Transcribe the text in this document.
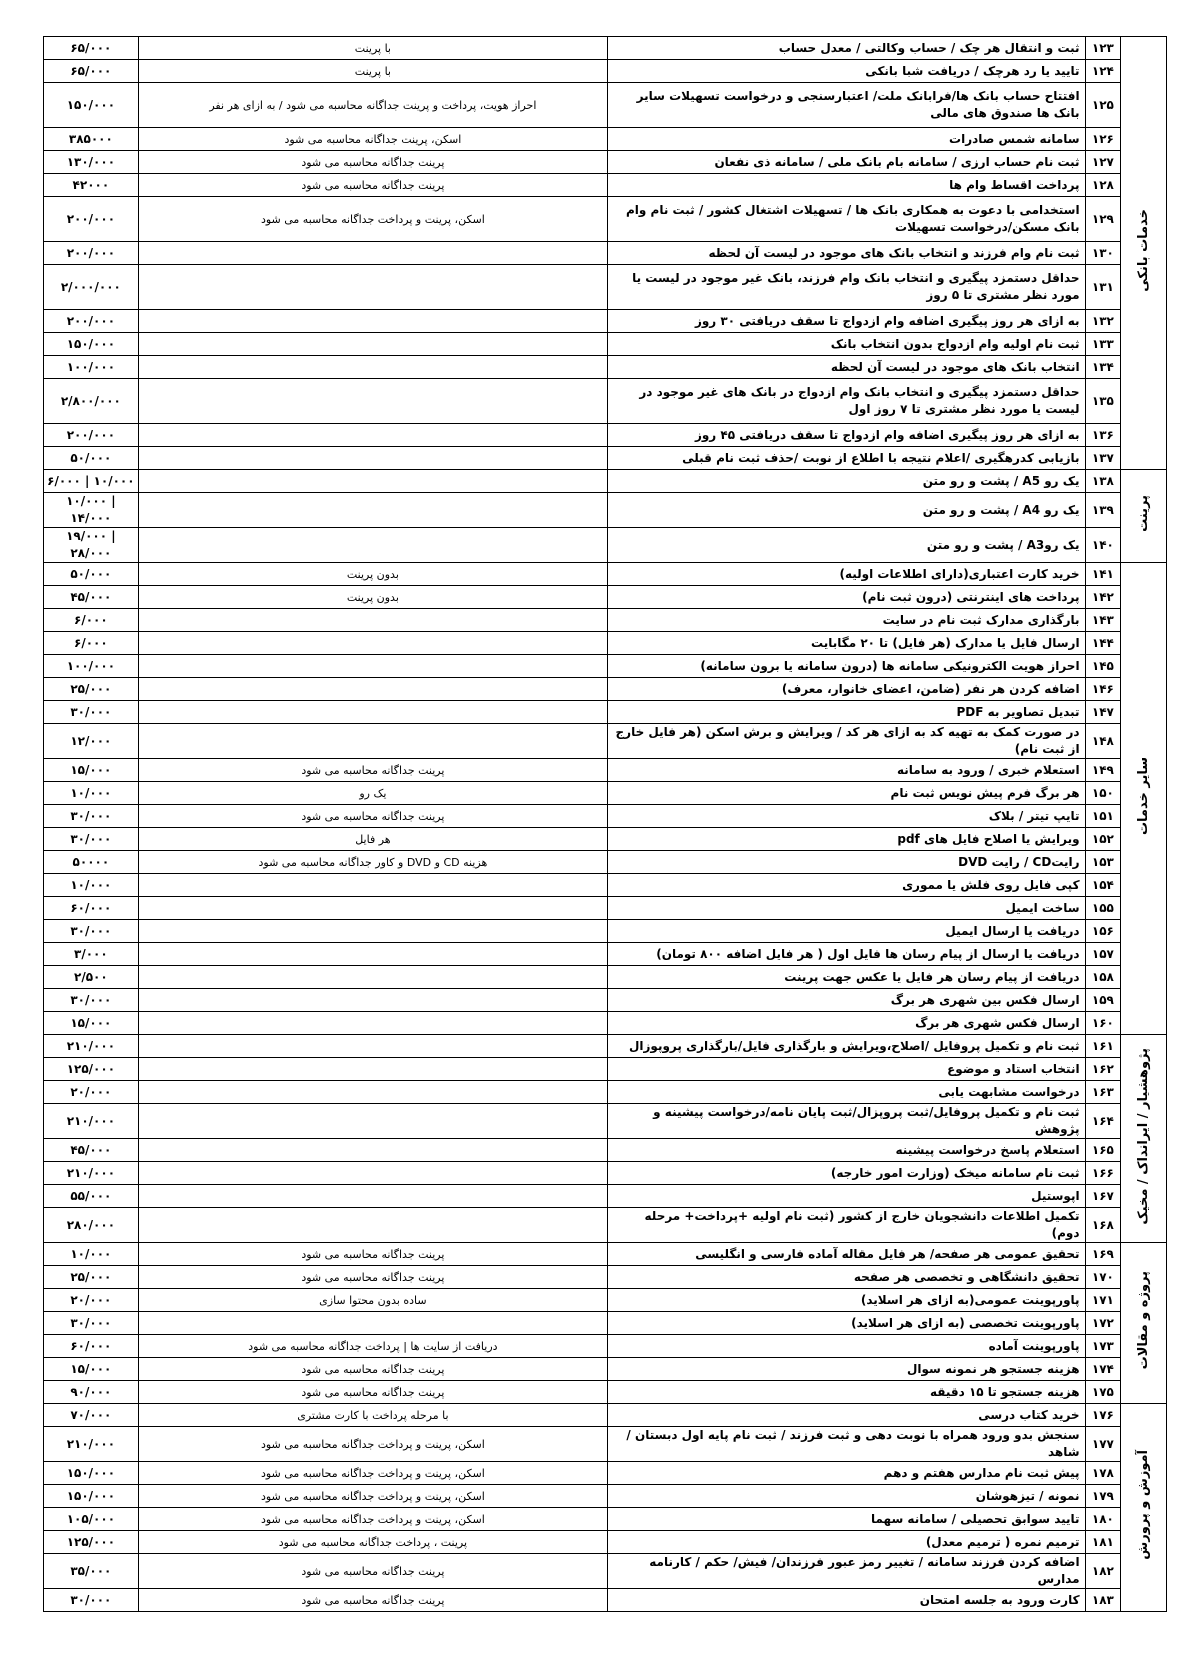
خدمات بانکی	۱۲۳	ثبت و انتقال هر چک / حساب وکالتی / معدل حساب	با پرینت	۶۵/۰۰۰
	۱۲۴	تایید یا رد هرچک / دریافت شبا بانکی	با پرینت	۶۵/۰۰۰
	۱۲۵	افتتاح حساب بانک ها/فرابانک ملت/ اعتبارسنجی و درخواست تسهیلات سایر بانک ها صندوق های مالی	احراز هویت، پرداخت و پرینت جداگانه محاسبه می شود / به ازای هر نفر	۱۵۰/۰۰۰
	۱۲۶	سامانه شمس صادرات	اسکن، پرینت جداگانه محاسبه می شود	۳۸۵۰۰۰
	۱۲۷	ثبت نام حساب ارزی / سامانه بام بانک ملی / سامانه ذی نفعان	پرینت جداگانه محاسبه می شود	۱۳۰/۰۰۰
	۱۲۸	پرداخت اقساط وام ها	پرینت جداگانه محاسبه می شود	۴۲۰۰۰
	۱۲۹	استخدامی با دعوت به همکاری بانک ها / تسهیلات اشتغال کشور / ثبت نام وام بانک مسکن/درخواست تسهیلات	اسکن، پرینت و پرداخت جداگانه محاسبه می شود	۲۰۰/۰۰۰
	۱۳۰	ثبت نام وام فرزند و انتخاب بانک های موجود در لیست آن لحظه		۲۰۰/۰۰۰
	۱۳۱	حداقل دستمزد پیگیری و انتخاب بانک وام فرزند، بانک غیر موجود در لیست یا مورد نظر مشتری تا ۵ روز		۲/۰۰۰/۰۰۰
	۱۳۲	به ازای هر روز پیگیری اضافه وام ازدواج تا سقف دریافتی ۳۰ روز		۲۰۰/۰۰۰
	۱۳۳	ثبت نام اولیه وام ازدواج بدون انتخاب بانک		۱۵۰/۰۰۰
	۱۳۴	انتخاب بانک های موجود در لیست آن لحظه		۱۰۰/۰۰۰
	۱۳۵	حداقل دستمزد پیگیری و انتخاب بانک وام ازدواج در بانک های غیر موجود در لیست یا مورد نظر مشتری تا ۷ روز اول		۲/۸۰۰/۰۰۰
	۱۳۶	به ازای هر روز پیگیری اضافه وام ازدواج تا سقف دریافتی ۴۵ روز		۲۰۰/۰۰۰
	۱۳۷	بازیابی کدرهگیری /اعلام نتیجه با اطلاع از نوبت /حذف ثبت نام قبلی		۵۰/۰۰۰
پرینت	۱۳۸	یک رو A5 / پشت و رو متن		۶/۰۰۰ | ۱۰/۰۰۰
	۱۳۹	یک رو A4 / پشت و رو متن		۱۰/۰۰۰ | ۱۴/۰۰۰
	۱۴۰	یک روA3 / پشت و رو متن		۱۹/۰۰۰ | ۲۸/۰۰۰
سایر خدمات	۱۴۱	خرید کارت اعتباری(دارای اطلاعات اولیه)	بدون پرینت	۵۰/۰۰۰
	۱۴۲	پرداخت های اینترنتی (درون ثبت نام)	بدون پرینت	۴۵/۰۰۰
	۱۴۳	بارگذاری مدارک ثبت نام در سایت		۶/۰۰۰
	۱۴۴	ارسال فایل یا مدارک (هر فایل) تا ۲۰ مگابایت		۶/۰۰۰
	۱۴۵	احراز هویت الکترونیکی سامانه ها (درون سامانه یا برون سامانه)		۱۰۰/۰۰۰
	۱۴۶	اضافه کردن هر نفر (ضامن، اعضای خانوار، معرف)		۲۵/۰۰۰
	۱۴۷	تبدیل تصاویر به PDF		۳۰/۰۰۰
	۱۴۸	در صورت کمک به تهیه کد به ازای هر کد / ویرایش و برش اسکن (هر فایل خارج از ثبت نام)		۱۲/۰۰۰
	۱۴۹	استعلام خبری / ورود به سامانه	پرینت جداگانه محاسبه می شود	۱۵/۰۰۰
	۱۵۰	هر برگ فرم پیش نویس ثبت نام	یک رو	۱۰/۰۰۰
	۱۵۱	تایپ تیتر / بلاک	پرینت جداگانه محاسبه می شود	۳۰/۰۰۰
	۱۵۲	ویرایش یا اصلاح فایل های pdf	هر فایل	۳۰/۰۰۰
	۱۵۳	رایتCD / رایت DVD	هزینه CD و DVD و کاور جداگانه محاسبه می شود	۵۰۰۰۰
	۱۵۴	کپی فایل روی فلش یا مموری		۱۰/۰۰۰
	۱۵۵	ساخت ایمیل		۶۰/۰۰۰
	۱۵۶	دریافت یا ارسال ایمیل		۳۰/۰۰۰
	۱۵۷	دریافت یا ارسال از پیام رسان ها فایل اول ( هر فایل اضافه ۸۰۰ تومان)		۳/۰۰۰
	۱۵۸	دریافت از پیام رسان هر فایل یا عکس جهت پرینت		۲/۵۰۰
	۱۵۹	ارسال فکس بین شهری هر برگ		۳۰/۰۰۰
	۱۶۰	ارسال فکس شهری هر برگ		۱۵/۰۰۰
پژوهشیار / ایرانداک / مخیک	۱۶۱	ثبت نام و تکمیل پروفایل /اصلاح،ویرایش و بارگذاری فایل/بارگذاری پروپوزال		۲۱۰/۰۰۰
	۱۶۲	انتخاب استاد و موضوع		۱۲۵/۰۰۰
	۱۶۳	درخواست مشابهت یابی		۲۰/۰۰۰
	۱۶۴	ثبت نام و تکمیل پروفایل/ثبت پروپزال/ثبت پایان نامه/درخواست پیشینه و پژوهش		۲۱۰/۰۰۰
	۱۶۵	استعلام پاسخ درخواست پیشینه		۴۵/۰۰۰
	۱۶۶	ثبت نام سامانه میخک (وزارت امور خارجه)		۲۱۰/۰۰۰
	۱۶۷	اپوستیل		۵۵/۰۰۰
	۱۶۸	تکمیل اطلاعات دانشجویان خارج از کشور (ثبت نام اولیه +پرداخت+ مرحله دوم)		۲۸۰/۰۰۰
پروژه و مقالات	۱۶۹	تحقیق عمومی هر صفحه/ هر فایل مقاله آماده فارسی و انگلیسی	پرینت جداگانه محاسبه می شود	۱۰/۰۰۰
	۱۷۰	تحقیق دانشگاهی و تخصصی هر صفحه	پرینت جداگانه محاسبه می شود	۲۵/۰۰۰
	۱۷۱	پاورپوینت عمومی(به ازای هر اسلاید)	ساده بدون محتوا سازی	۲۰/۰۰۰
	۱۷۲	پاورپوینت تخصصی (به ازای هر اسلاید)		۳۰/۰۰۰
	۱۷۳	پاورپوینت آماده	دریافت از سایت ها | پرداخت جداگانه محاسبه می شود	۶۰/۰۰۰
	۱۷۴	هزینه جستجو هر نمونه سوال	پرینت جداگانه محاسبه می شود	۱۵/۰۰۰
	۱۷۵	هزینه جستجو تا ۱۵ دقیقه	پرینت جداگانه محاسبه می شود	۹۰/۰۰۰
آموزش و پرورش	۱۷۶	خرید کتاب درسی	با مرحله پرداخت با کارت مشتری	۷۰/۰۰۰
	۱۷۷	سنجش بدو ورود همراه با نوبت دهی و ثبت فرزند / ثبت نام پایه اول دبستان / شاهد	اسکن، پرینت و پرداخت جداگانه محاسبه می شود	۲۱۰/۰۰۰
	۱۷۸	پیش ثبت نام مدارس هفتم و دهم	اسکن، پرینت و پرداخت جداگانه محاسبه می شود	۱۵۰/۰۰۰
	۱۷۹	نمونه / تیزهوشان	اسکن، پرینت و پرداخت جداگانه محاسبه می شود	۱۵۰/۰۰۰
	۱۸۰	تایید سوابق تحصیلی / سامانه سهما	اسکن، پرینت و پرداخت جداگانه محاسبه می شود	۱۰۵/۰۰۰
	۱۸۱	ترمیم نمره ( ترمیم معدل)	پرینت ، پرداخت جداگانه محاسبه می شود	۱۲۵/۰۰۰
	۱۸۲	اضافه کردن فرزند سامانه / تغییر رمز عبور فرزندان/ فیش/ حکم / کارنامه مدارس	پرینت جداگانه محاسبه می شود	۳۵/۰۰۰
	۱۸۳	کارت ورود به جلسه امتحان	پرینت جداگانه محاسبه می شود	۳۰/۰۰۰
